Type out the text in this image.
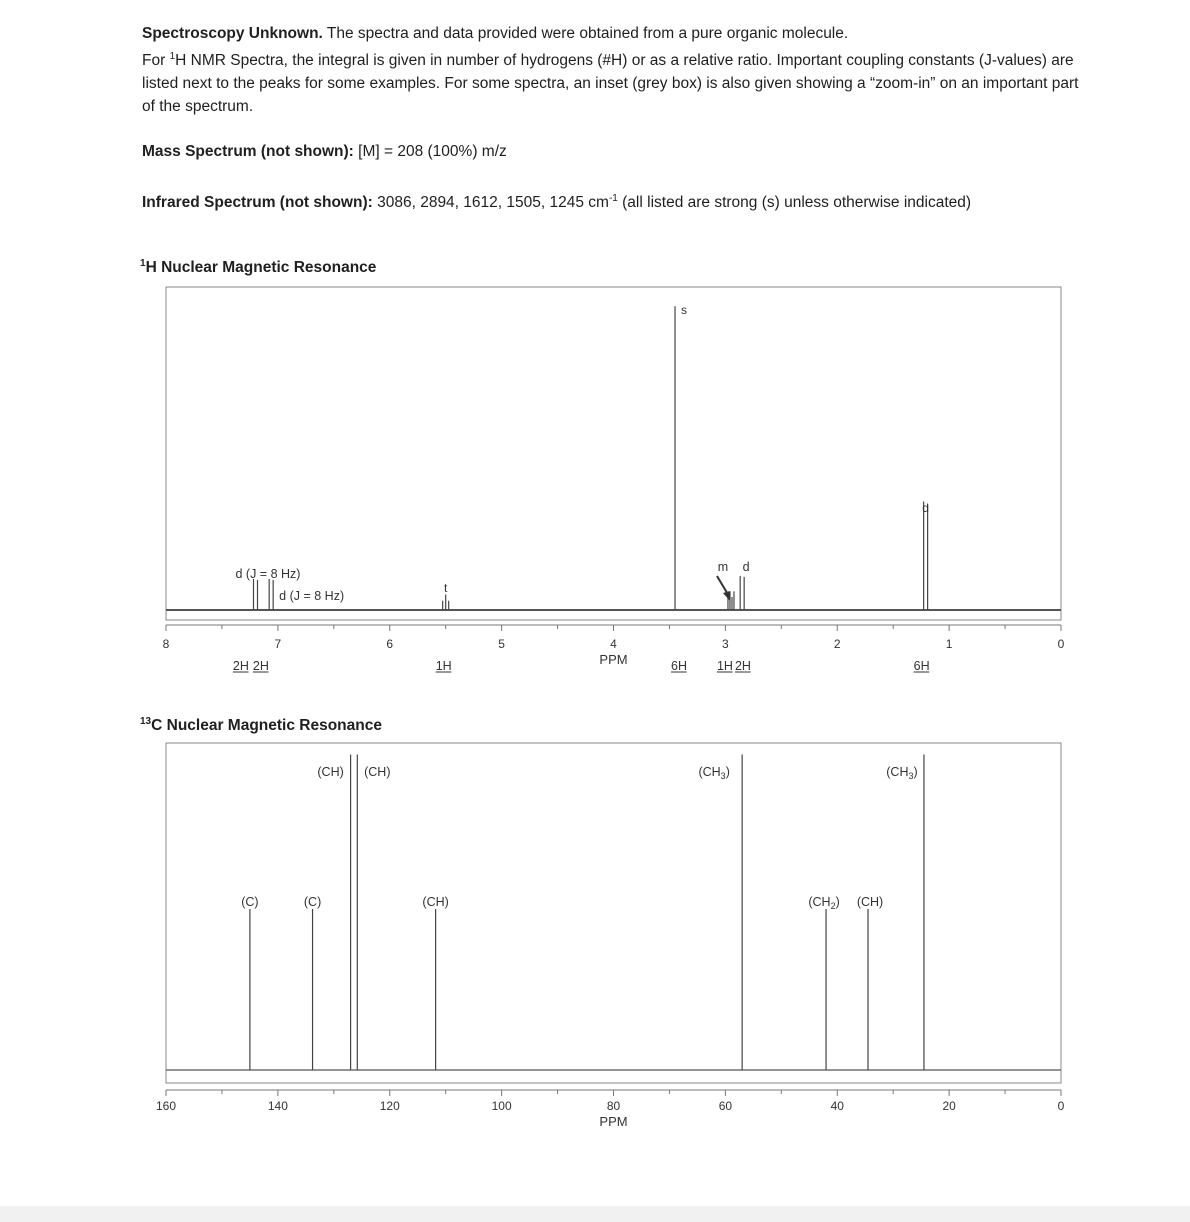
Spectroscopy Unknown. The spectra and data provided were obtained from a pure organic molecule.
For $^1$H NMR Spectra, the integral is given in number of hydrogens (#H) or as a relative ratio. Important coupling constants (J-values) are listed next to the peaks for some examples. For some spectra, an inset (grey box) is also given showing a “zoom-in” on an important part of the spectrum.
Mass Spectrum (not shown): [M] = 208 (100%) m/z
Infrared Spectrum (not shown): 3086, 2894, 1612, 1505, 1245 $cm^{-1}$ (all listed are strong (s) unless otherwise indicated)
$^1$H Nuclear Magnetic Resonance
8	7	6	5	4	3	2	1	0
PPM
d (J = 8 Hz)
d (J = 8 Hz)
t
s
m d
d
2H 2H	1H	6H 1H 2H	6H
$^{13}$C Nuclear Magnetic Resonance
160	140	120	100	80	60	40	20	0
PPM
(C)	(C)
(CH) (CH)
(CH)
$(CH_3)$
$(CH_2)$ (CH)
$(CH_3)$
